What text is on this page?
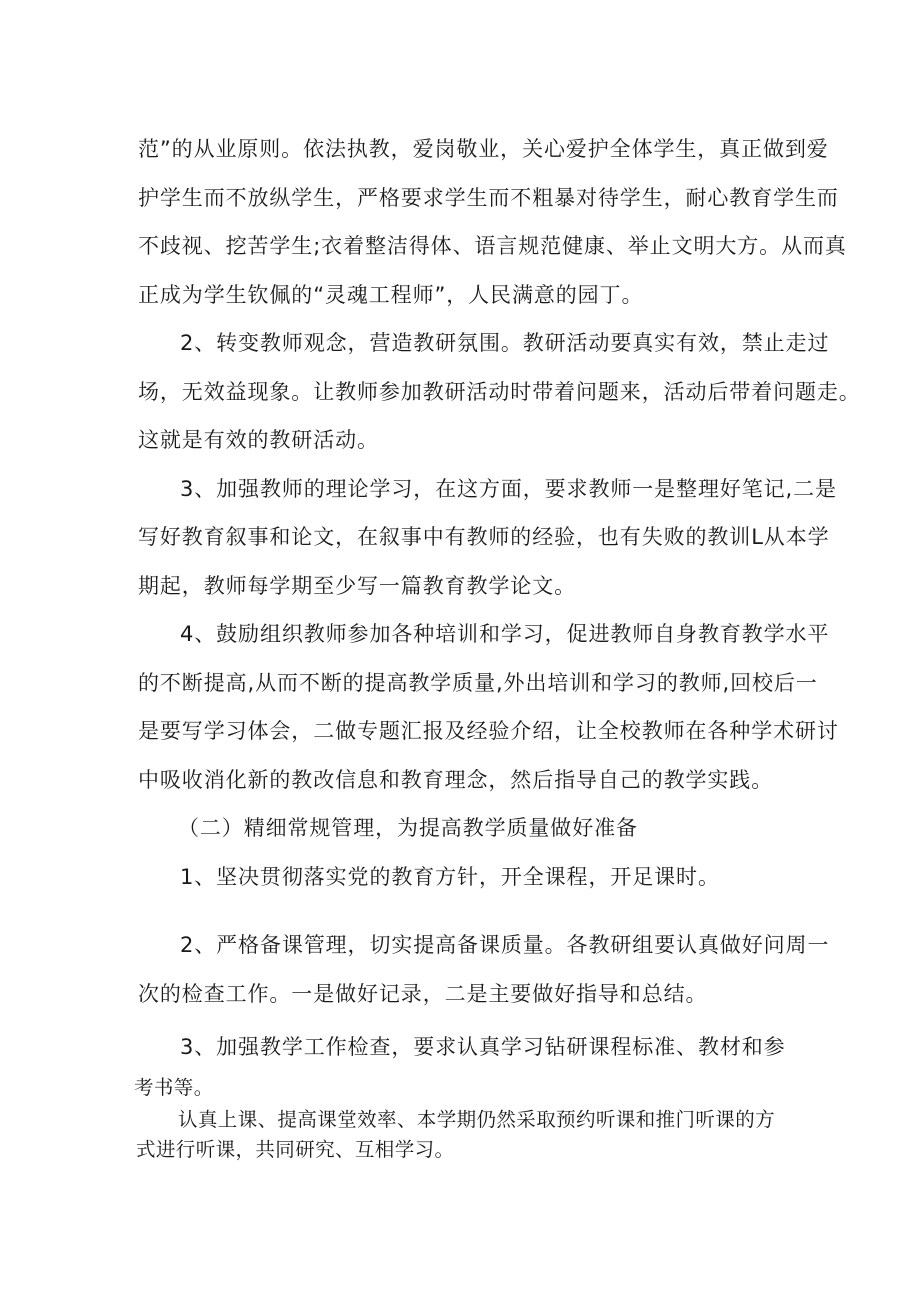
范”的从业原则。依法执教，爱岗敬业，关心爱护全体学生，真正做到爱
护学生而不放纵学生，严格要求学生而不粗暴对待学生，耐心教育学生而
不歧视、挖苦学生;衣着整洁得体、语言规范健康、举止文明大方。从而真
正成为学生钦佩的“灵魂工程师”，人民满意的园丁。
2、转变教师观念，营造教研氛围。教研活动要真实有效，禁止走过
场，无效益现象。让教师参加教研活动时带着问题来，活动后带着问题走。
这就是有效的教研活动。
3、加强教师的理论学习，在这方面，要求教师一是整理好笔记,二是
写好教育叙事和论文，在叙事中有教师的经验，也有失败的教训L从本学
期起，教师每学期至少写一篇教育教学论文。
4、鼓励组织教师参加各种培训和学习，促进教师自身教育教学水平
的不断提高,从而不断的提高教学质量,外出培训和学习的教师,回校后一
是要写学习体会，二做专题汇报及经验介绍，让全校教师在各种学术研讨
中吸收消化新的教改信息和教育理念，然后指导自己的教学实践。
（二）精细常规管理，为提高教学质量做好准备
1、坚决贯彻落实党的教育方针，开全课程，开足课时。
2、严格备课管理，切实提高备课质量。各教研组要认真做好问周一
次的检查工作。一是做好记录，二是主要做好指导和总结。
3、加强教学工作检查，要求认真学习钻研课程标准、教材和参
考书等。
认真上课、提高课堂效率、本学期仍然采取预约听课和推门听课的方
式进行听课，共同研究、互相学习。
